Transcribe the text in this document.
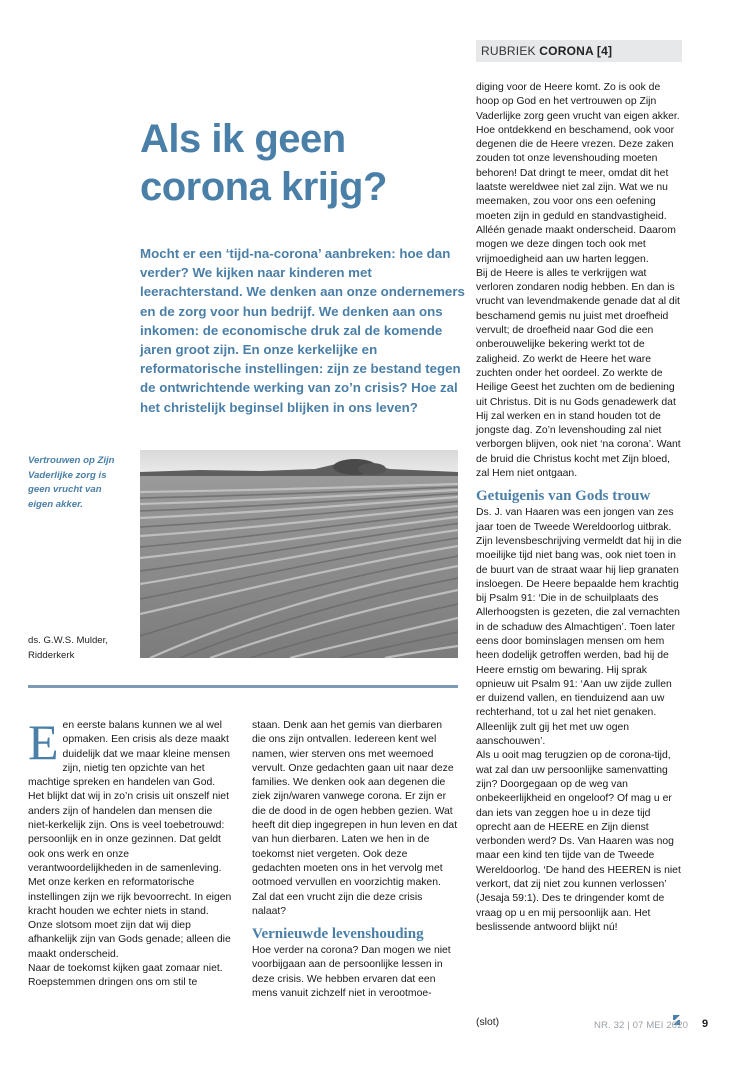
RUBRIEK CORONA [4]
Als ik geen corona krijg?

Mocht er een ‘tijd-na-corona’ aanbreken: hoe dan verder? We kijken naar kinderen met leerachterstand. We denken aan onze ondernemers en de zorg voor hun bedrijf. We denken aan ons inkomen: de economische druk zal de komende jaren groot zijn. En onze kerkelijke en reformatorische instellingen: zijn ze bestand tegen de ontwrichtende werking van zo’n crisis? Hoe zal het christelijk beginsel blijken in ons leven?

Vertrouwen op Zijn Vaderlijke zorg is geen vrucht van eigen akker.

ds. G.W.S. Mulder,
Ridderkerk
E en eerste balans kunnen we al wel opmaken. Een crisis als deze maakt duidelijk dat we maar kleine mensen zijn, nietig ten opzichte van het machtige spreken en handelen van God. Het blijkt dat wij in zo’n crisis uit onszelf niet anders zijn of handelen dan mensen die niet-kerkelijk zijn. Ons is veel toebetrouwd: persoonlijk en in onze gezinnen. Dat geldt ook ons werk en onze verantwoordelijkheden in de samenleving. Met onze kerken en reformatorische instellingen zijn we rijk bevoorrecht. In eigen kracht houden we echter niets in stand. Onze slotsom moet zijn dat wij diep afhankelijk zijn van Gods genade; alleen die maakt onderscheid.

Naar de toekomst kijken gaat zomaar niet. Roepstemmen dringen ons om stil te

staan. Denk aan het gemis van dierbaren die ons zijn ontvallen. Iedereen kent wel namen, wier sterven ons met weemoed vervult. Onze gedachten gaan uit naar deze families. We denken ook aan degenen die ziek zijn/waren vanwege corona. Er zijn er die de dood in de ogen hebben gezien. Wat heeft dit diep ingegrepen in hun leven en dat van hun dierbaren. Laten we hen in de toekomst niet vergeten. Ook deze gedachten moeten ons in het vervolg met ootmoed vervullen en voorzichtig maken. Zal dat een vrucht zijn die deze crisis nalaat?

Vernieuwde levenshouding

Hoe verder na corona? Dan mogen we niet voorbijgaan aan de persoonlijke lessen in deze crisis. We hebben ervaren dat een mens vanuit zichzelf niet in verootmoe-

diging voor de Heere komt. Zo is ook de hoop op God en het vertrouwen op Zijn Vaderlijke zorg geen vrucht van eigen akker. Hoe ontdekkend en beschamend, ook voor degenen die de Heere vrezen. Deze zaken zouden tot onze levenshouding moeten behoren! Dat dringt te meer, omdat dit het laatste wereldwee niet zal zijn. Wat we nu meemaken, zou voor ons een oefening moeten zijn in geduld en standvastigheid. Alléén genade maakt onderscheid. Daarom mogen we deze dingen toch ook met vrijmoedigheid aan uw harten leggen.

Bij de Heere is alles te verkrijgen wat verloren zondaren nodig hebben. En dan is vrucht van levendmakende genade dat al dit beschamend gemis nu juist met droefheid vervult; de droefheid naar God die een onberouwelijke bekering werkt tot de zaligheid. Zo werkt de Heere het ware zuchten onder het oordeel. Zo werkte de Heilige Geest het zuchten om de bediening uit Christus. Dit is nu Gods genadewerk dat Hij zal werken en in stand houden tot de jongste dag. Zo’n levenshouding zal niet verborgen blijven, ook niet ‘na corona’. Want de bruid die Christus kocht met Zijn bloed, zal Hem niet ontgaan.

Getuigenis van Gods trouw

Ds. J. van Haaren was een jongen van zes jaar toen de Tweede Wereldoorlog uitbrak. Zijn levensbeschrijving vermeldt dat hij in die moeilijke tijd niet bang was, ook niet toen in de buurt van de straat waar hij liep granaten insloegen. De Heere bepaalde hem krachtig bij Psalm 91: ‘Die in de schuilplaats des Allerhoogsten is gezeten, die zal vernachten in de schaduw des Almachtigen’. Toen later eens door bominslagen mensen om hem heen dodelijk getroffen werden, bad hij de Heere ernstig om bewaring. Hij sprak opnieuw uit Psalm 91: ‘Aan uw zijde zullen er duizend vallen, en tienduizend aan uw rechterhand, tot u zal het niet genaken. Alleenlijk zult gij het met uw ogen aanschouwen’.

Als u ooit mag terugzien op de corona-tijd, wat zal dan uw persoonlijke samenvatting zijn? Doorgegaan op de weg van onbekeerlijkheid en ongeloof? Of mag u er dan iets van zeggen hoe u in deze tijd oprecht aan de HEERE en Zijn dienst verbonden werd? Ds. Van Haaren was nog maar een kind ten tijde van de Tweede Wereldoorlog. ‘De hand des HEEREN is niet verkort, dat zij niet zou kunnen verlossen’ (Jesaja 59:1). Des te dringender komt de vraag op u en mij persoonlijk aan. Het beslissende antwoord blijkt nú!

(slot)	NR. 32 | 07 MEI 2020 9
